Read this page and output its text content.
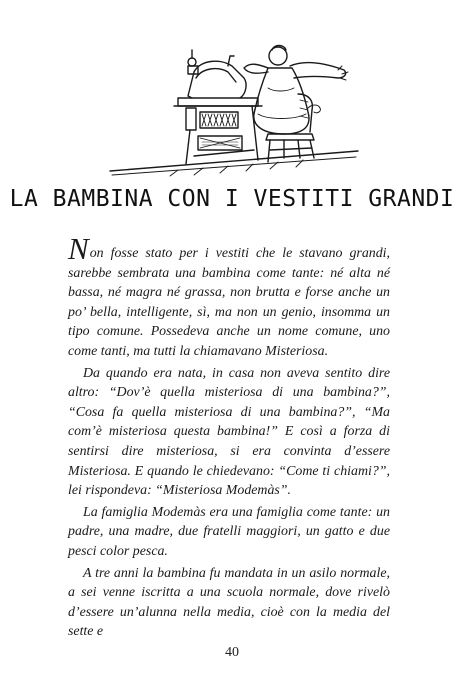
LA BAMBINA CON I VESTITI GRANDI

Non fosse stato per i vestiti che le stavano grandi, sarebbe sembrata una bambina come tante: né alta né bassa, né magra né grassa, non brutta e forse anche un po’ bella, intelligente, sì, ma non un genio, insomma un tipo comune. Possedeva anche un nome comune, uno come tanti, ma tutti la chiamavano Misteriosa.

Da quando era nata, in casa non aveva sentito dire altro: “Dov’è quella misteriosa di una bambina?”, “Cosa fa quella misteriosa di una bambina?”, “Ma com’è misteriosa questa bambina!” E così a forza di sentirsi dire misteriosa, si era convinta d’essere Misteriosa. E quando le chiedevano: “Come ti chiami?”, lei rispondeva: “Misteriosa Modemàs”.

La famiglia Modemàs era una famiglia come tante: un padre, una madre, due fratelli maggiori, un gatto e due pesci color pesca.

A tre anni la bambina fu mandata in un asilo normale, a sei venne iscritta a una scuola normale, dove rivelò d’essere un’alunna nella media, cioè con la media del sette e

40
